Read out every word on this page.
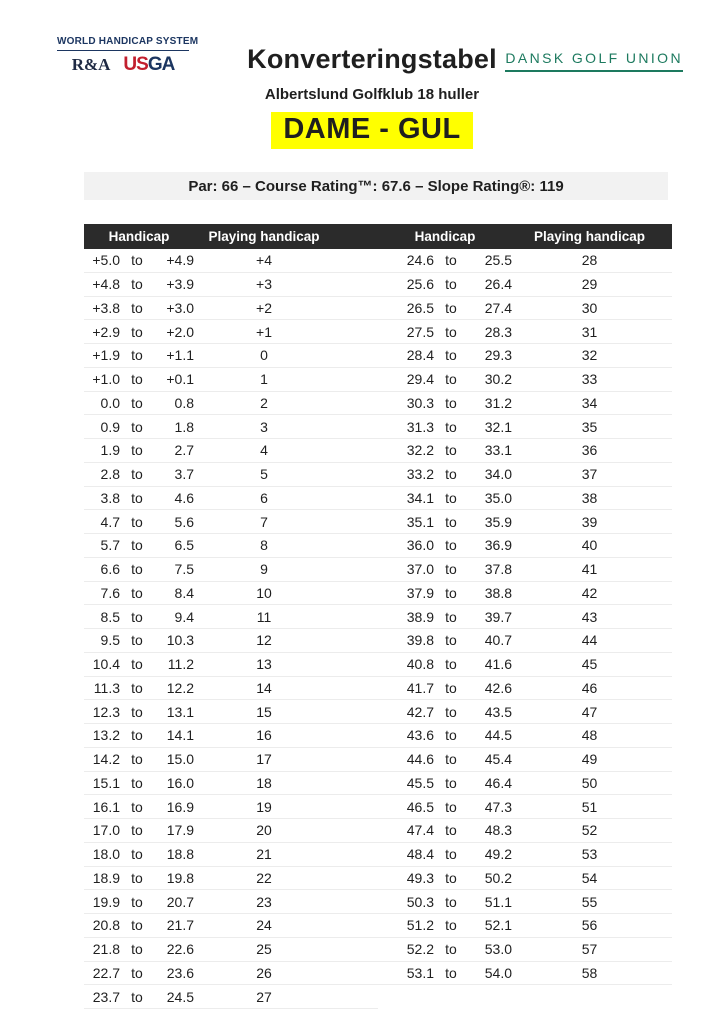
WORLD HANDICAP SYSTEM
R&A USGA	DANSK GOLF UNION
Konverteringstabel
Albertslund Golfklub 18 huller
DAME - GUL
Par: 66 – Course Rating™: 67.6 – Slope Rating®: 119
Handicap	Playing handicap	Handicap	Playing handicap
+5.0 to	+4.9	+4
+4.8 to	+3.9	+3
+3.8 to	+3.0	+2
+2.9 to	+2.0	+1
+1.9 to	+1.1	0
+1.0 to	+0.1	1
0.0 to	0.8	2
0.9 to	1.8	3
1.9 to	2.7	4
2.8 to	3.7	5
3.8 to	4.6	6
4.7 to	5.6	7
5.7 to	6.5	8
6.6 to	7.5	9
7.6 to	8.4	10
8.5 to	9.4	11
9.5 to	10.3	12
10.4 to	11.2	13
11.3 to	12.2	14
12.3 to	13.1	15
13.2 to	14.1	16
14.2 to	15.0	17
15.1 to	16.0	18
16.1 to	16.9	19
17.0 to	17.9	20
18.0 to	18.8	21
18.9 to	19.8	22
19.9 to	20.7	23
20.8 to	21.7	24
21.8 to	22.6	25
22.7 to	23.6	26
23.7 to	24.5	27
24.6 to	25.5	28
25.6 to	26.4	29
26.5 to	27.4	30
27.5 to	28.3	31
28.4 to	29.3	32
29.4 to	30.2	33
30.3 to	31.2	34
31.3 to	32.1	35
32.2 to	33.1	36
33.2 to	34.0	37
34.1 to	35.0	38
35.1 to	35.9	39
36.0 to	36.9	40
37.0 to	37.8	41
37.9 to	38.8	42
38.9 to	39.7	43
39.8 to	40.7	44
40.8 to	41.6	45
41.7 to	42.6	46
42.7 to	43.5	47
43.6 to	44.5	48
44.6 to	45.4	49
45.5 to	46.4	50
46.5 to	47.3	51
47.4 to	48.3	52
48.4 to	49.2	53
49.3 to	50.2	54
50.3 to	51.1	55
51.2 to	52.1	56
52.2 to	53.0	57
53.1 to	54.0	58
